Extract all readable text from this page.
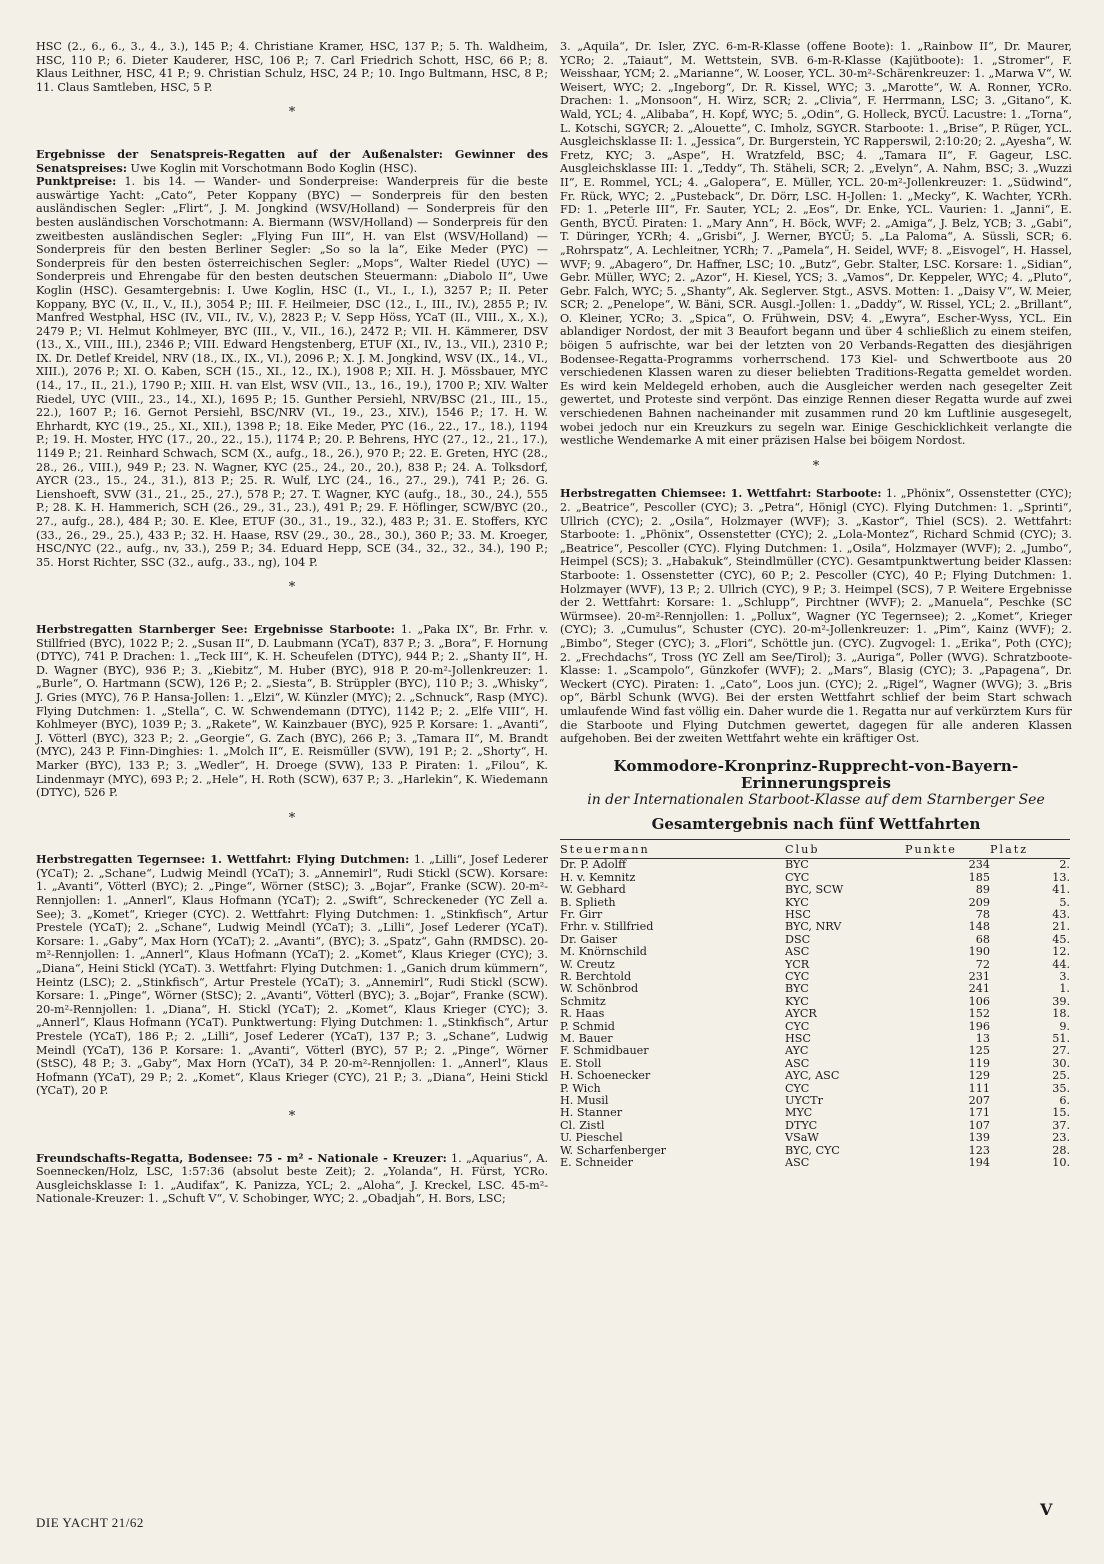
HSC (2., 6., 6., 3., 4., 3.), 145 P.; 4. Christiane Kramer, HSC, 137 P.; 5. Th. Waldheim, HSC, 110 P.; 6. Dieter Kauderer, HSC, 106 P.; 7. Carl Friedrich Schott, HSC, 66 P.; 8. Klaus Leithner, HSC, 41 P.; 9. Christian Schulz, HSC, 24 P.; 10. Ingo Bultmann, HSC, 8 P.; 11. Claus Samtleben, HSC, 5 P.

*

Ergebnisse der Senatspreis-Regatten auf der Außenalster: Gewinner des Senatspreises: Uwe Koglin mit Vorschotmann Bodo Koglin (HSC).

Punktpreise: 1. bis 14. — Wander- und Sonderpreise: Wanderpreis für die beste auswärtige Yacht: „Cato“, Peter Koppany (BYC) — Sonderpreis für den besten ausländischen Segler: „Flirt“, J. M. Jongkind (WSV/Holland) — Sonderpreis für den besten ausländischen Vorschotmann: A. Biermann (WSV/Holland) — Sonderpreis für den zweitbesten ausländischen Segler: „Flying Fun III“, H. van Elst (WSV/Holland) — Sonderpreis für den besten Berliner Segler: „So so la la“, Eike Meder (PYC) — Sonderpreis für den besten österreichischen Segler: „Mops“, Walter Riedel (UYC) — Sonderpreis und Ehrengabe für den besten deutschen Steuermann: „Diabolo II“, Uwe Koglin (HSC). Gesamtergebnis: I. Uwe Koglin, HSC (I., VI., I., I.), 3257 P.; II. Peter Koppany, BYC (V., II., V., II.), 3054 P.; III. F. Heilmeier, DSC (12., I., III., IV.), 2855 P.; IV. Manfred Westphal, HSC (IV., VII., IV., V.), 2823 P.; V. Sepp Höss, YCaT (II., VIII., X., X.), 2479 P.; VI. Helmut Kohlmeyer, BYC (III., V., VII., 16.), 2472 P.; VII. H. Kämmerer, DSV (13., X., VIII., III.), 2346 P.; VIII. Edward Hengstenberg, ETUF (XI., IV., 13., VII.), 2310 P.; IX. Dr. Detlef Kreidel, NRV (18., IX., IX., VI.), 2096 P.; X. J. M. Jongkind, WSV (IX., 14., VI., XIII.), 2076 P.; XI. O. Kaben, SCH (15., XI., 12., IX.), 1908 P.; XII. H. J. Mössbauer, MYC (14., 17., II., 21.), 1790 P.; XIII. H. van Elst, WSV (VII., 13., 16., 19.), 1700 P.; XIV. Walter Riedel, UYC (VIII., 23., 14., XI.), 1695 P.; 15. Gunther Persiehl, NRV/BSC (21., III., 15., 22.), 1607 P.; 16. Gernot Persiehl, BSC/NRV (VI., 19., 23., XIV.), 1546 P.; 17. H. W. Ehrhardt, KYC (19., 25., XI., XII.), 1398 P.; 18. Eike Meder, PYC (16., 22., 17., 18.), 1194 P.; 19. H. Moster, HYC (17., 20., 22., 15.), 1174 P.; 20. P. Behrens, HYC (27., 12., 21., 17.), 1149 P.; 21. Reinhard Schwach, SCM (X., aufg., 18., 26.), 970 P.; 22. E. Greten, HYC (28., 28., 26., VIII.), 949 P.; 23. N. Wagner, KYC (25., 24., 20., 20.), 838 P.; 24. A. Tolksdorf, AYCR (23., 15., 24., 31.), 813 P.; 25. R. Wulf, LYC (24., 16., 27., 29.), 741 P.; 26. G. Lienshoeft, SVW (31., 21., 25., 27.), 578 P.; 27. T. Wagner, KYC (aufg., 18., 30., 24.), 555 P.; 28. K. H. Hammerich, SCH (26., 29., 31., 23.), 491 P.; 29. F. Höflinger, SCW/BYC (20., 27., aufg., 28.), 484 P.; 30. E. Klee, ETUF (30., 31., 19., 32.), 483 P.; 31. E. Stoffers, KYC (33., 26., 29., 25.), 433 P.; 32. H. Haase, RSV (29., 30., 28., 30.), 360 P.; 33. M. Kroeger, HSC/NYC (22., aufg., nv, 33.), 259 P.; 34. Eduard Hepp, SCE (34., 32., 32., 34.), 190 P.; 35. Horst Richter, SSC (32., aufg., 33., ng), 104 P.

*

Herbstregatten Starnberger See: Ergebnisse Starboote: 1. „Paka IX“, Br. Frhr. v. Stillfried (BYC), 1022 P.; 2. „Susan II“, D. Laubmann (YCaT), 837 P.; 3. „Bora“, F. Hornung (DTYC), 741 P. Drachen: 1. „Teck III“, K. H. Scheufelen (DTYC), 944 P.; 2. „Shanty II“, H. D. Wagner (BYC), 936 P.; 3. „Kiebitz“, M. Huber (BYC), 918 P. 20-m²-Jollenkreuzer: 1. „Burle“, O. Hartmann (SCW), 126 P.; 2. „Siesta“, B. Strüppler (BYC), 110 P.; 3. „Whisky“, J. Gries (MYC), 76 P. Hansa-Jollen: 1. „Elzi“, W. Künzler (MYC); 2. „Schnuck“, Rasp (MYC). Flying Dutchmen: 1. „Stella“, C. W. Schwendemann (DTYC), 1142 P.; 2. „Elfe VIII“, H. Kohlmeyer (BYC), 1039 P.; 3. „Rakete“, W. Kainzbauer (BYC), 925 P. Korsare: 1. „Avanti“, J. Vötterl (BYC), 323 P.; 2. „Georgie“, G. Zach (BYC), 266 P.; 3. „Tamara II“, M. Brandt (MYC), 243 P. Finn-Dinghies: 1. „Molch II“, E. Reismüller (SVW), 191 P.; 2. „Shorty“, H. Marker (BYC), 133 P.; 3. „Wedler“, H. Droege (SVW), 133 P. Piraten: 1. „Filou“, K. Lindenmayr (MYC), 693 P.; 2. „Hele“, H. Roth (SCW), 637 P.; 3. „Harlekin“, K. Wiedemann (DTYC), 526 P.

*

Herbstregatten Tegernsee: 1. Wettfahrt: Flying Dutchmen: 1. „Lilli“, Josef Lederer (YCaT); 2. „Schane“, Ludwig Meindl (YCaT); 3. „Annemirl“, Rudi Stickl (SCW). Korsare: 1. „Avanti“, Vötterl (BYC); 2. „Pinge“, Wörner (StSC); 3. „Bojar“, Franke (SCW). 20-m²-Rennjollen: 1. „Annerl“, Klaus Hofmann (YCaT); 2. „Swift“, Schreckeneder (YC Zell a. See); 3. „Komet“, Krieger (CYC). 2. Wettfahrt: Flying Dutchmen: 1. „Stinkfisch“, Artur Prestele (YCaT); 2. „Schane“, Ludwig Meindl (YCaT); 3. „Lilli“, Josef Lederer (YCaT). Korsare: 1. „Gaby“, Max Horn (YCaT); 2. „Avanti“, (BYC); 3. „Spatz“, Gahn (RMDSC). 20-m²-Rennjollen: 1. „Annerl“, Klaus Hofmann (YCaT); 2. „Komet“, Klaus Krieger (CYC); 3. „Diana“, Heini Stickl (YCaT). 3. Wettfahrt: Flying Dutchmen: 1. „Ganich drum kümmern“, Heintz (LSC); 2. „Stinkfisch“, Artur Prestele (YCaT); 3. „Annemirl“, Rudi Stickl (SCW). Korsare: 1. „Pinge“, Wörner (StSC); 2. „Avanti“, Vötterl (BYC); 3. „Bojar“, Franke (SCW). 20-m²-Rennjollen: 1. „Diana“, H. Stickl (YCaT); 2. „Komet“, Klaus Krieger (CYC); 3. „Annerl“, Klaus Hofmann (YCaT). Punktwertung: Flying Dutchmen: 1. „Stinkfisch“, Artur Prestele (YCaT), 186 P.; 2. „Lilli“, Josef Lederer (YCaT), 137 P.; 3. „Schane“, Ludwig Meindl (YCaT), 136 P. Korsare: 1. „Avanti“, Vötterl (BYC), 57 P.; 2. „Pinge“, Wörner (StSC), 48 P.; 3. „Gaby“, Max Horn (YCaT), 34 P. 20-m²-Rennjollen: 1. „Annerl“, Klaus Hofmann (YCaT), 29 P.; 2. „Komet“, Klaus Krieger (CYC), 21 P.; 3. „Diana“, Heini Stickl (YCaT), 20 P.

*

Freundschafts-Regatta, Bodensee: 75 - m² - Nationale - Kreuzer: 1. „Aquarius“, A. Soennecken/Holz, LSC, 1:57:36 (absolut beste Zeit); 2. „Yolanda“, H. Fürst, YCRo. Ausgleichsklasse I: 1. „Audifax“, K. Panizza, YCL; 2. „Aloha“, J. Kreckel, LSC. 45-m²-Nationale-Kreuzer: 1. „Schuft V“, V. Schobinger, WYC; 2. „Obadjah“, H. Bors, LSC;

3. „Aquila“, Dr. Isler, ZYC. 6-m-R-Klasse (offene Boote): 1. „Rainbow II“, Dr. Maurer, YCRo; 2. „Taiaut“, M. Wettstein, SVB. 6-m-R-Klasse (Kajütboote): 1. „Stromer“, F. Weisshaar, YCM; 2. „Marianne“, W. Looser, YCL. 30-m²-Schärenkreuzer: 1. „Marwa V“, W. Weisert, WYC; 2. „Ingeborg“, Dr. R. Kissel, WYC; 3. „Marotte“, W. A. Ronner, YCRo. Drachen: 1. „Monsoon“, H. Wirz, SCR; 2. „Clivia“, F. Herrmann, LSC; 3. „Gitano“, K. Wald, YCL; 4. „Alibaba“, H. Kopf, WYC; 5. „Odin“, G. Holleck, BYCÜ. Lacustre: 1. „Torna“, L. Kotschi, SGYCR; 2. „Alouette“, C. Imholz, SGYCR. Starboote: 1. „Brise“, P. Rüger, YCL. Ausgleichsklasse II: 1. „Jessica“, Dr. Burgerstein, YC Rapperswil, 2:10:20; 2. „Ayesha“, W. Fretz, KYC; 3. „Aspe“, H. Wratzfeld, BSC; 4. „Tamara II“, F. Gageur, LSC. Ausgleichsklasse III: 1. „Teddy“, Th. Stäheli, SCR; 2. „Evelyn“, A. Nahm, BSC; 3. „Wuzzi II“, E. Rommel, YCL; 4. „Galopera“, E. Müller, YCL. 20-m²-Jollenkreuzer: 1. „Südwind“, Fr. Rück, WYC; 2. „Pusteback“, Dr. Dörr, LSC. H-Jollen: 1. „Mecky“, K. Wachter, YCRh. FD: 1. „Peterle III“, Fr. Sauter, YCL; 2. „Eos“, Dr. Enke, YCL. Vaurien: 1. „Janni“, E. Genth, BYCÜ. Piraten: 1. „Mary Ann“, H. Böck, WVF; 2. „Amiga“, J. Belz, YCB; 3. „Gabi“, T. Düringer, YCRh; 4. „Grisbi“, J. Werner, BYCÜ; 5. „La Paloma“, A. Süssli, SCR; 6. „Rohrspatz“, A. Lechleitner, YCRh; 7. „Pamela“, H. Seidel, WVF; 8. „Eisvogel“, H. Hassel, WVF; 9. „Abagero“, Dr. Haffner, LSC; 10. „Butz“, Gebr. Stalter, LSC. Korsare: 1. „Sidian“, Gebr. Müller, WYC; 2. „Azor“, H. Kiesel, YCS; 3. „Vamos“, Dr. Keppeler, WYC; 4. „Pluto“, Gebr. Falch, WYC; 5. „Shanty“, Ak. Seglerver. Stgt., ASVS. Motten: 1. „Daisy V“, W. Meier, SCR; 2. „Penelope“, W. Bäni, SCR. Ausgl.-Jollen: 1. „Daddy“, W. Rissel, YCL; 2. „Brillant“, O. Kleiner, YCRo; 3. „Spica“, O. Frühwein, DSV; 4. „Ewyra“, Escher-Wyss, YCL. Ein ablandiger Nordost, der mit 3 Beaufort begann und über 4 schließlich zu einem steifen, böigen 5 aufrischte, war bei der letzten von 20 Verbands-Regatten des diesjährigen Bodensee-Regatta-Programms vorherrschend. 173 Kiel- und Schwertboote aus 20 verschiedenen Klassen waren zu dieser beliebten Traditions-Regatta gemeldet worden. Es wird kein Meldegeld erhoben, auch die Ausgleicher werden nach gesegelter Zeit gewertet, und Proteste sind verpönt. Das einzige Rennen dieser Regatta wurde auf zwei verschiedenen Bahnen nacheinander mit zusammen rund 20 km Luftlinie ausgesegelt, wobei jedoch nur ein Kreuzkurs zu segeln war. Einige Geschicklichkeit verlangte die westliche Wendemarke A mit einer präzisen Halse bei böigem Nordost.

*

Herbstregatten Chiemsee: 1. Wettfahrt: Starboote: 1. „Phönix“, Ossenstetter (CYC); 2. „Beatrice“, Pescoller (CYC); 3. „Petra“, Hönigl (CYC). Flying Dutchmen: 1. „Sprinti“, Ullrich (CYC); 2. „Osila“, Holzmayer (WVF); 3. „Kastor“, Thiel (SCS). 2. Wettfahrt: Starboote: 1. „Phönix“, Ossenstetter (CYC); 2. „Lola-Montez“, Richard Schmid (CYC); 3. „Beatrice“, Pescoller (CYC). Flying Dutchmen: 1. „Osila“, Holzmayer (WVF); 2. „Jumbo“, Heimpel (SCS); 3. „Habakuk“, Steindlmüller (CYC). Gesamtpunktwertung beider Klassen: Starboote: 1. Ossenstetter (CYC), 60 P.; 2. Pescoller (CYC), 40 P.; Flying Dutchmen: 1. Holzmayer (WVF), 13 P.; 2. Ullrich (CYC), 9 P.; 3. Heimpel (SCS), 7 P. Weitere Ergebnisse der 2. Wettfahrt: Korsare: 1. „Schlupp“, Pirchtner (WVF); 2. „Manuela“, Peschke (SC Würmsee). 20-m²-Rennjollen: 1. „Pollux“, Wagner (YC Tegernsee); 2. „Komet“, Krieger (CYC); 3. „Cumulus“, Schuster (CYC). 20-m²-Jollenkreuzer: 1. „Pim“, Kainz (WVF); 2. „Bimbo“, Steger (CYC); 3. „Flori“, Schöttle jun. (CYC). Zugvogel: 1. „Erika“, Poth (CYC); 2. „Frechdachs“, Tross (YC Zell am See/Tirol); 3. „Auriga“, Poller (WVG). Schratzboote-Klasse: 1. „Scampolo“, Günzkofer (WVF); 2. „Mars“, Blasig (CYC); 3. „Papagena“, Dr. Weckert (CYC). Piraten: 1. „Cato“, Loos jun. (CYC); 2. „Rigel“, Wagner (WVG); 3. „Bris op“, Bärbl Schunk (WVG). Bei der ersten Wettfahrt schlief der beim Start schwach umlaufende Wind fast völlig ein. Daher wurde die 1. Regatta nur auf verkürztem Kurs für die Starboote und Flying Dutchmen gewertet, dagegen für alle anderen Klassen aufgehoben. Bei der zweiten Wettfahrt wehte ein kräftiger Ost.

Kommodore-Kronprinz-Rupprecht-von-Bayern-Erinnerungspreis
in der Internationalen Starboot-Klasse auf dem Starnberger See
Gesamtergebnis nach fünf Wettfahrten
Steuermann	Club	Punkte	Platz
Dr. P. Adolff	BYC	234	2.
H. v. Kemnitz	CYC	185	13.
W. Gebhard	BYC, SCW	89	41.
B. Splieth	KYC	209	5.
Fr. Girr	HSC	78	43.
Frhr. v. Stillfried	BYC, NRV	148	21.
Dr. Gaiser	DSC	68	45.
M. Knörnschild	ASC	190	12.
W. Creutz	YCR	72	44.
R. Berchtold	CYC	231	3.
W. Schönbrod	BYC	241	1.
Schmitz	KYC	106	39.
R. Haas	AYCR	152	18.
P. Schmid	CYC	196	9.
M. Bauer	HSC	13	51.
F. Schmidbauer	AYC	125	27.
E. Stoll	ASC	119	30.
H. Schoenecker	AYC, ASC	129	25.
P. Wich	CYC	111	35.
H. Musil	UYCTr	207	6.
H. Stanner	MYC	171	15.
Cl. Zistl	DTYC	107	37.
U. Pieschel	VSaW	139	23.
W. Scharfenberger	BYC, CYC	123	28.
E. Schneider	ASC	194	10.
DIE YACHT 21/62
V
